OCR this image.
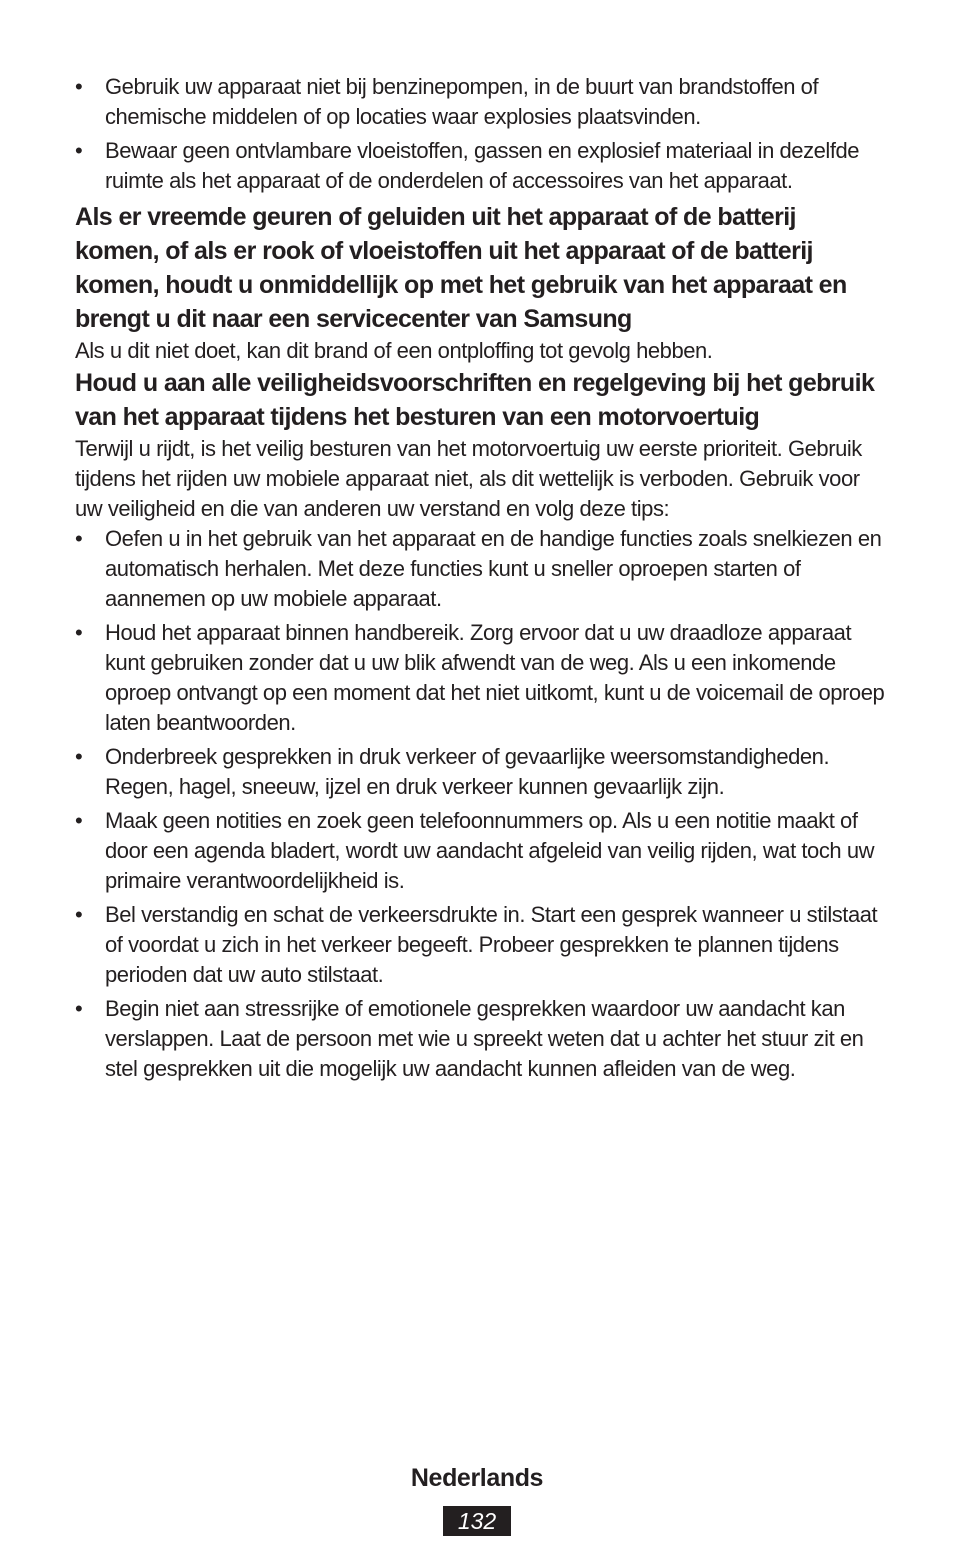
•	Gebruik uw apparaat niet bij benzinepompen, in de buurt van brandstoffen of chemische middelen of op locaties waar explosies plaatsvinden.
•	Bewaar geen ontvlambare vloeistoffen, gassen en explosief materiaal in dezelfde ruimte als het apparaat of de onderdelen of accessoires van het apparaat.
Als er vreemde geuren of geluiden uit het apparaat of de batterij komen, of als er rook of vloeistoffen uit het apparaat of de batterij komen, houdt u onmiddellijk op met het gebruik van het apparaat en brengt u dit naar een servicecenter van Samsung

Als u dit niet doet, kan dit brand of een ontploffing tot gevolg hebben.

Houd u aan alle veiligheidsvoorschriften en regelgeving bij het gebruik van het apparaat tijdens het besturen van een motorvoertuig

Terwijl u rijdt, is het veilig besturen van het motorvoertuig uw eerste prioriteit. Gebruik tijdens het rijden uw mobiele apparaat niet, als dit wettelijk is verboden. Gebruik voor uw veiligheid en die van anderen uw verstand en volg deze tips:

•	Oefen u in het gebruik van het apparaat en de handige functies zoals snelkiezen en automatisch herhalen. Met deze functies kunt u sneller oproepen starten of aannemen op uw mobiele apparaat.
•	Houd het apparaat binnen handbereik. Zorg ervoor dat u uw draadloze apparaat kunt gebruiken zonder dat u uw blik afwendt van de weg. Als u een inkomende oproep ontvangt op een moment dat het niet uitkomt, kunt u de voicemail de oproep laten beantwoorden.
•	Onderbreek gesprekken in druk verkeer of gevaarlijke weersomstandigheden. Regen, hagel, sneeuw, ijzel en druk verkeer kunnen gevaarlijk zijn.
•	Maak geen notities en zoek geen telefoonnummers op. Als u een notitie maakt of door een agenda bladert, wordt uw aandacht afgeleid van veilig rijden, wat toch uw primaire verantwoordelijkheid is.
•	Bel verstandig en schat de verkeersdrukte in. Start een gesprek wanneer u stilstaat of voordat u zich in het verkeer begeeft. Probeer gesprekken te plannen tijdens perioden dat uw auto stilstaat.
•	Begin niet aan stressrijke of emotionele gesprekken waardoor uw aandacht kan verslappen. Laat de persoon met wie u spreekt weten dat u achter het stuur zit en stel gesprekken uit die mogelijk uw aandacht kunnen afleiden van de weg.
Nederlands
132
